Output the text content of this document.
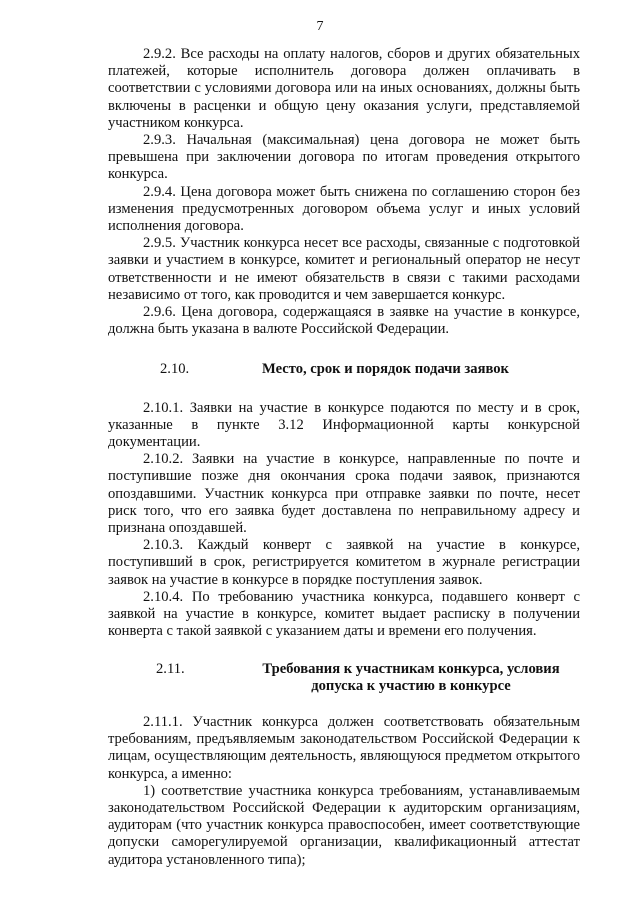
7

2.9.2. Все расходы на оплату налогов, сборов и других обязательных платежей, которые исполнитель договора должен оплачивать в соответствии с условиями договора или на иных основаниях, должны быть включены в расценки и общую цену оказания услуги, представляемой участником конкурса.

2.9.3. Начальная (максимальная) цена договора не может быть превышена при заключении договора по итогам проведения открытого конкурса.

2.9.4. Цена договора может быть снижена по соглашению сторон без изменения предусмотренных договором объема услуг и иных условий исполнения договора.

2.9.5. Участник конкурса несет все расходы, связанные с подготовкой заявки и участием в конкурсе, комитет и региональный оператор не несут ответственности и не имеют обязательств в связи с такими расходами независимо от того, как проводится и чем завершается конкурс.

2.9.6. Цена договора, содержащаяся в заявке на участие в конкурсе, должна быть указана в валюте Российской Федерации.

2.10.	Место, срок и порядок подачи заявок

2.10.1. Заявки на участие в конкурсе подаются по месту и в срок, указанные в пункте 3.12 Информационной карты конкурсной документации.

2.10.2. Заявки на участие в конкурсе, направленные по почте и поступившие позже дня окончания срока подачи заявок, признаются опоздавшими. Участник конкурса при отправке заявки по почте, несет риск того, что его заявка будет доставлена по неправильному адресу и признана опоздавшей.

2.10.3. Каждый конверт с заявкой на участие в конкурсе, поступивший в срок, регистрируется комитетом в журнале регистрации заявок на участие в конкурсе в порядке поступления заявок.

2.10.4. По требованию участника конкурса, подавшего конверт с заявкой на участие в конкурсе, комитет выдает расписку в получении конверта с такой заявкой с указанием даты и времени его получения.

2.11.	Требования к участникам конкурса, условия допуска к участию в конкурсе

2.11.1. Участник конкурса должен соответствовать обязательным требованиям, предъявляемым законодательством Российской Федерации к лицам, осуществляющим деятельность, являющуюся предметом открытого конкурса, а именно:

1) соответствие участника конкурса требованиям, устанавливаемым законодательством Российской Федерации к аудиторским организациям, аудиторам (что участник конкурса правоспособен, имеет соответствующие допуски саморегулируемой организации, квалификационный аттестат аудитора установленного типа);
